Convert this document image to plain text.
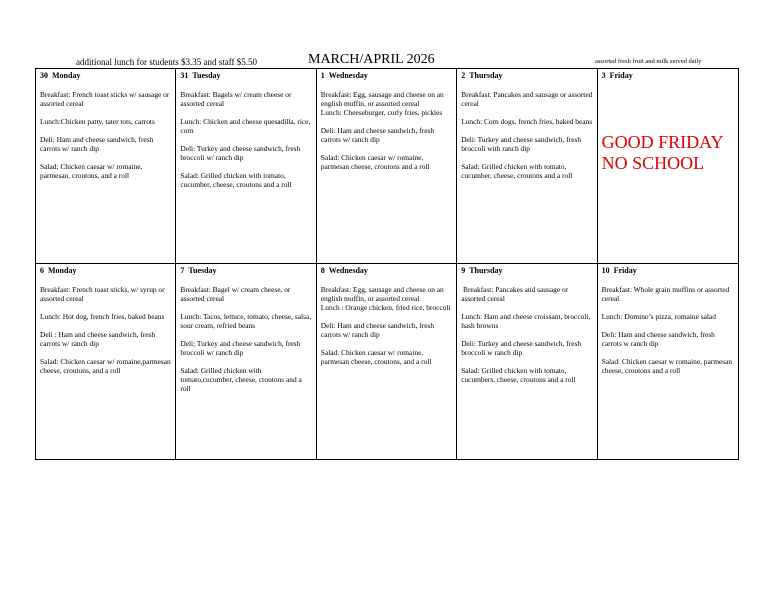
additional lunch for students $3.35 and staff $5.50	MARCH/APRIL 2026	assorted fresh fruit and milk served daily
30 Monday
Breakfast: French toast sticks w/ sausage or assorted cereal
Lunch:Chicken patty, tater tots, carrots
Deli: Ham and cheese sandwich, fresh carrots w/ ranch dip
Salad; Chicken caesar w/ romaine, parmesan, croutons, and a roll
31 Tuesday
Breakfast: Bagels w/ cream cheese or assorted cereal
Lunch: Chicken and cheese quesadilla, rice, corn
Deli: Turkey and cheese sandwich, fresh broccoli w/ ranch dip
Salad: Grilled chicken with tomato, cucumber, cheese, croutons and a roll
1 Wednesday
Breakfast: Egg, sausage and cheese on an english muffin, or assorted cereal
Lunch: Cheeseburger, curly fries, pickles
Deli: Ham and cheese sandwich, fresh carrots w/ ranch dip
Salad: Chicken caesar w/ romaine, parmesan cheese, croutons and a roll
2 Thursday
Breakfast: Pancakes and sausage or assorted cereal
Lunch: Corn dogs, french fries, baked beans
Deli: Turkey and cheese sandwich, fresh broccoli with ranch dip
Salad: Grilled chicken with tomato, cucumber, cheese, croutons and a roll
3 Friday
GOOD FRIDAY
NO SCHOOL
6 Monday
Breakfast: French toast sticks, w/ syrup or assorted cereal
Lunch: Hot dog, french fries, baked beans
Deli : Ham and cheese sandwich, fresh carrots w/ ranch dip
Salad: Chicken caesar w/ romaine,parmesan cheese, croutons, and a roll
7 Tuesday
Breakfast: Bagel w/ cream cheese, or assorted cereal
Lunch: Tacos, lettuce, tomato, cheese, salsa, sour cream, refried beans
Deli; Turkey and cheese sandwich, fresh broccoli w/ ranch dip
Salad: Grilled chicken with tomato,cucumber, cheese, croutons and a roll
8 Wednesday
Breakfast: Egg, sausage and cheese on an english muffin, or assorted cereal
Lunch : Orange chicken, fried rice, broccoli
Deli: Ham and cheese sandwich, fresh carrots w/ ranch dip
Salad: Chicken caesar w/ romaine, parmesan cheese, croutons, and a roll
9 Thursday
Breakfast: Pancakes and sausage or assorted cereal
Lunch: Ham and cheese croissant, broccoli, hash browns
Deli: Turkey and cheese sandwich, fresh broccoli w ranch dip
Salad: Grilled chicken with tomato, cucumbers, cheese, croutons and a roll
10 Friday
Breakfast: Whole grain muffins or assorted cereal
Lunch: Domino’s pizza, romaine salad
Deli: Ham and cheese sandwich, fresh carrots w ranch dip
Salad: Chicken caesar w romaine, parmesan cheese, croutons and a roll
